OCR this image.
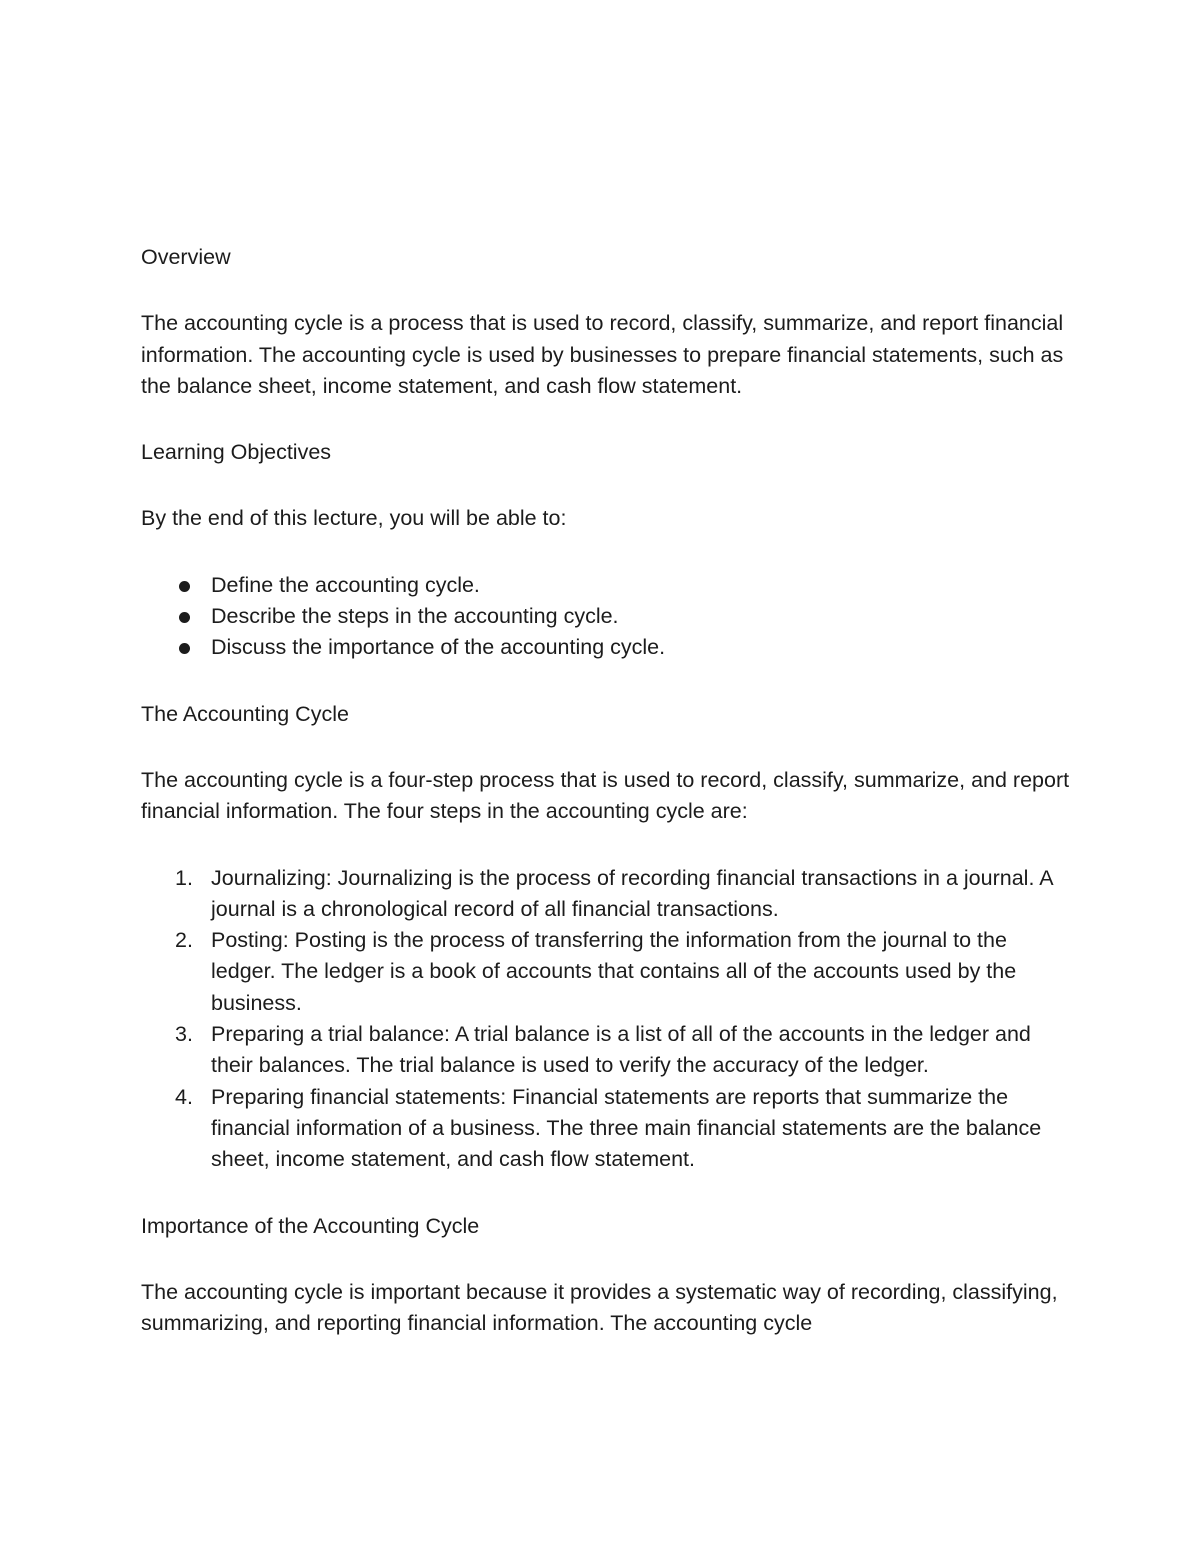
Overview

The accounting cycle is a process that is used to record, classify, summarize, and report financial information. The accounting cycle is used by businesses to prepare financial statements, such as the balance sheet, income statement, and cash flow statement.

Learning Objectives

By the end of this lecture, you will be able to:

Define the accounting cycle.
Describe the steps in the accounting cycle.
Discuss the importance of the accounting cycle.
The Accounting Cycle

The accounting cycle is a four-step process that is used to record, classify, summarize, and report financial information. The four steps in the accounting cycle are:

1. Journalizing: Journalizing is the process of recording financial transactions in a journal. A journal is a chronological record of all financial transactions.
2. Posting: Posting is the process of transferring the information from the journal to the ledger. The ledger is a book of accounts that contains all of the accounts used by the business.
3. Preparing a trial balance: A trial balance is a list of all of the accounts in the ledger and their balances. The trial balance is used to verify the accuracy of the ledger.
4. Preparing financial statements: Financial statements are reports that summarize the financial information of a business. The three main financial statements are the balance sheet, income statement, and cash flow statement.
Importance of the Accounting Cycle

The accounting cycle is important because it provides a systematic way of recording, classifying, summarizing, and reporting financial information. The accounting cycle
